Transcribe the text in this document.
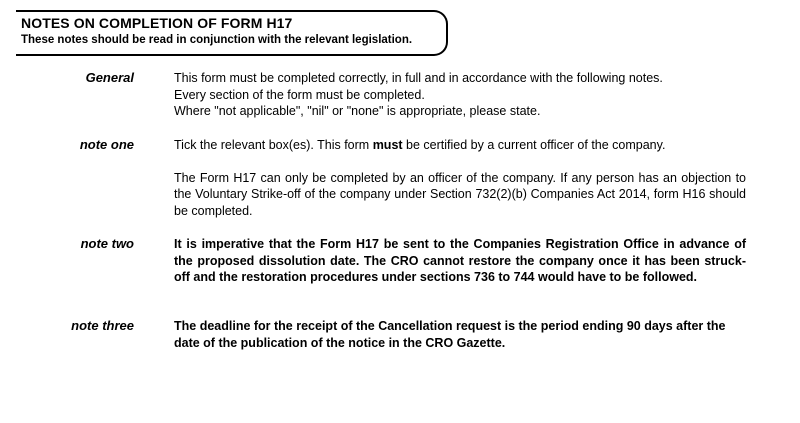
NOTES ON COMPLETION OF FORM H17
These notes should be read in conjunction with the relevant legislation.
General	This form must be completed correctly, in full and in accordance with the following notes.

Every section of the form must be completed.

Where "not applicable", "nil" or "none" is appropriate, please state.

note one	Tick the relevant box(es). This form must be certified by a current officer of the company.

The Form H17 can only be completed by an officer of the company. If any person has an objection to the Voluntary Strike-off of the company under Section 732(2)(b) Companies Act 2014, form H16 should be completed.

note two	It is imperative that the Form H17 be sent to the Companies Registration Office in advance of the proposed dissolution date. The CRO cannot restore the company once it has been struck-off and the restoration procedures under sections 736 to 744 would have to be followed.
note three	The deadline for the receipt of the Cancellation request is the period ending 90 days after the date of the publication of the notice in the CRO Gazette.
